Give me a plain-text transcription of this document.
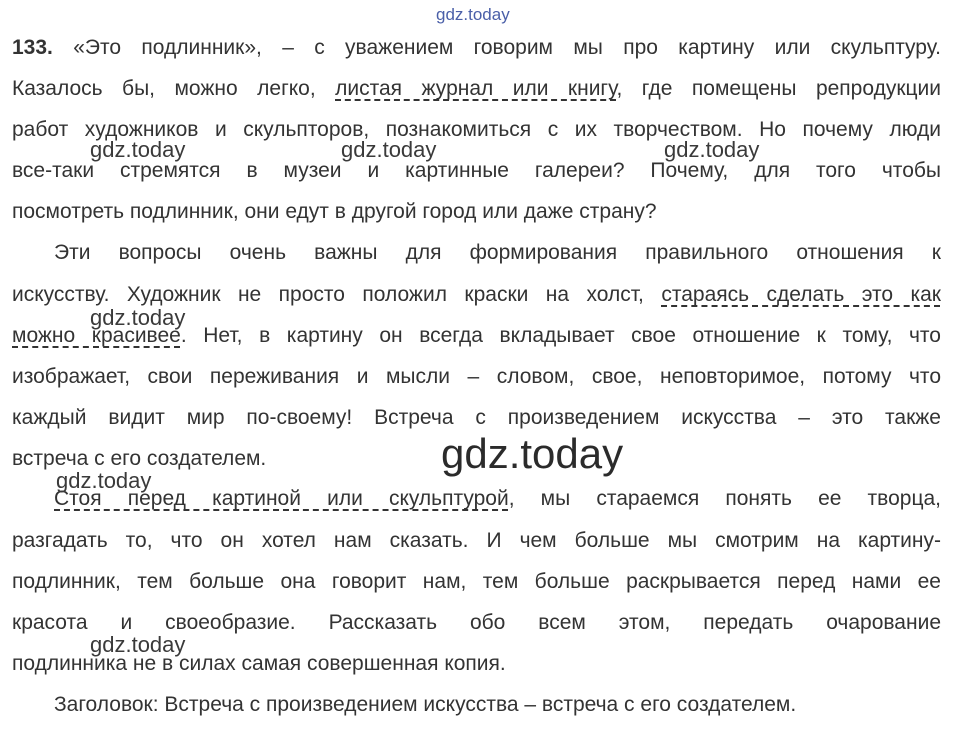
gdz.today
133. «Это подлинник», – с уважением говорим мы про картину или скульптуру.
Казалось бы, можно легко, листая журнал или книгу, где помещены репродукции
работ художников и скульпторов, познакомиться с их творчеством. Но почему люди
все-таки стремятся в музеи и картинные галереи? Почему, для того чтобы
посмотреть подлинник, они едут в другой город или даже страну?
Эти вопросы очень важны для формирования правильного отношения к
искусству. Художник не просто положил краски на холст, стараясь сделать это как
можно красивее. Нет, в картину он всегда вкладывает свое отношение к тому, что
изображает, свои переживания и мысли – словом, свое, неповторимое, потому что
каждый видит мир по-своему! Встреча с произведением искусства – это также
встреча с его создателем.
Стоя перед картиной или скульптурой, мы стараемся понять ее творца,
разгадать то, что он хотел нам сказать. И чем больше мы смотрим на картину-
подлинник, тем больше она говорит нам, тем больше раскрывается перед нами ее
красота и своеобразие. Рассказать обо всем этом, передать очарование
подлинника не в силах самая совершенная копия.
Заголовок: Встреча с произведением искусства – встреча с его создателем.
gdz.today	gdz.today	gdz.today
gdz.today
gdz.today
gdz.today
gdz.today
